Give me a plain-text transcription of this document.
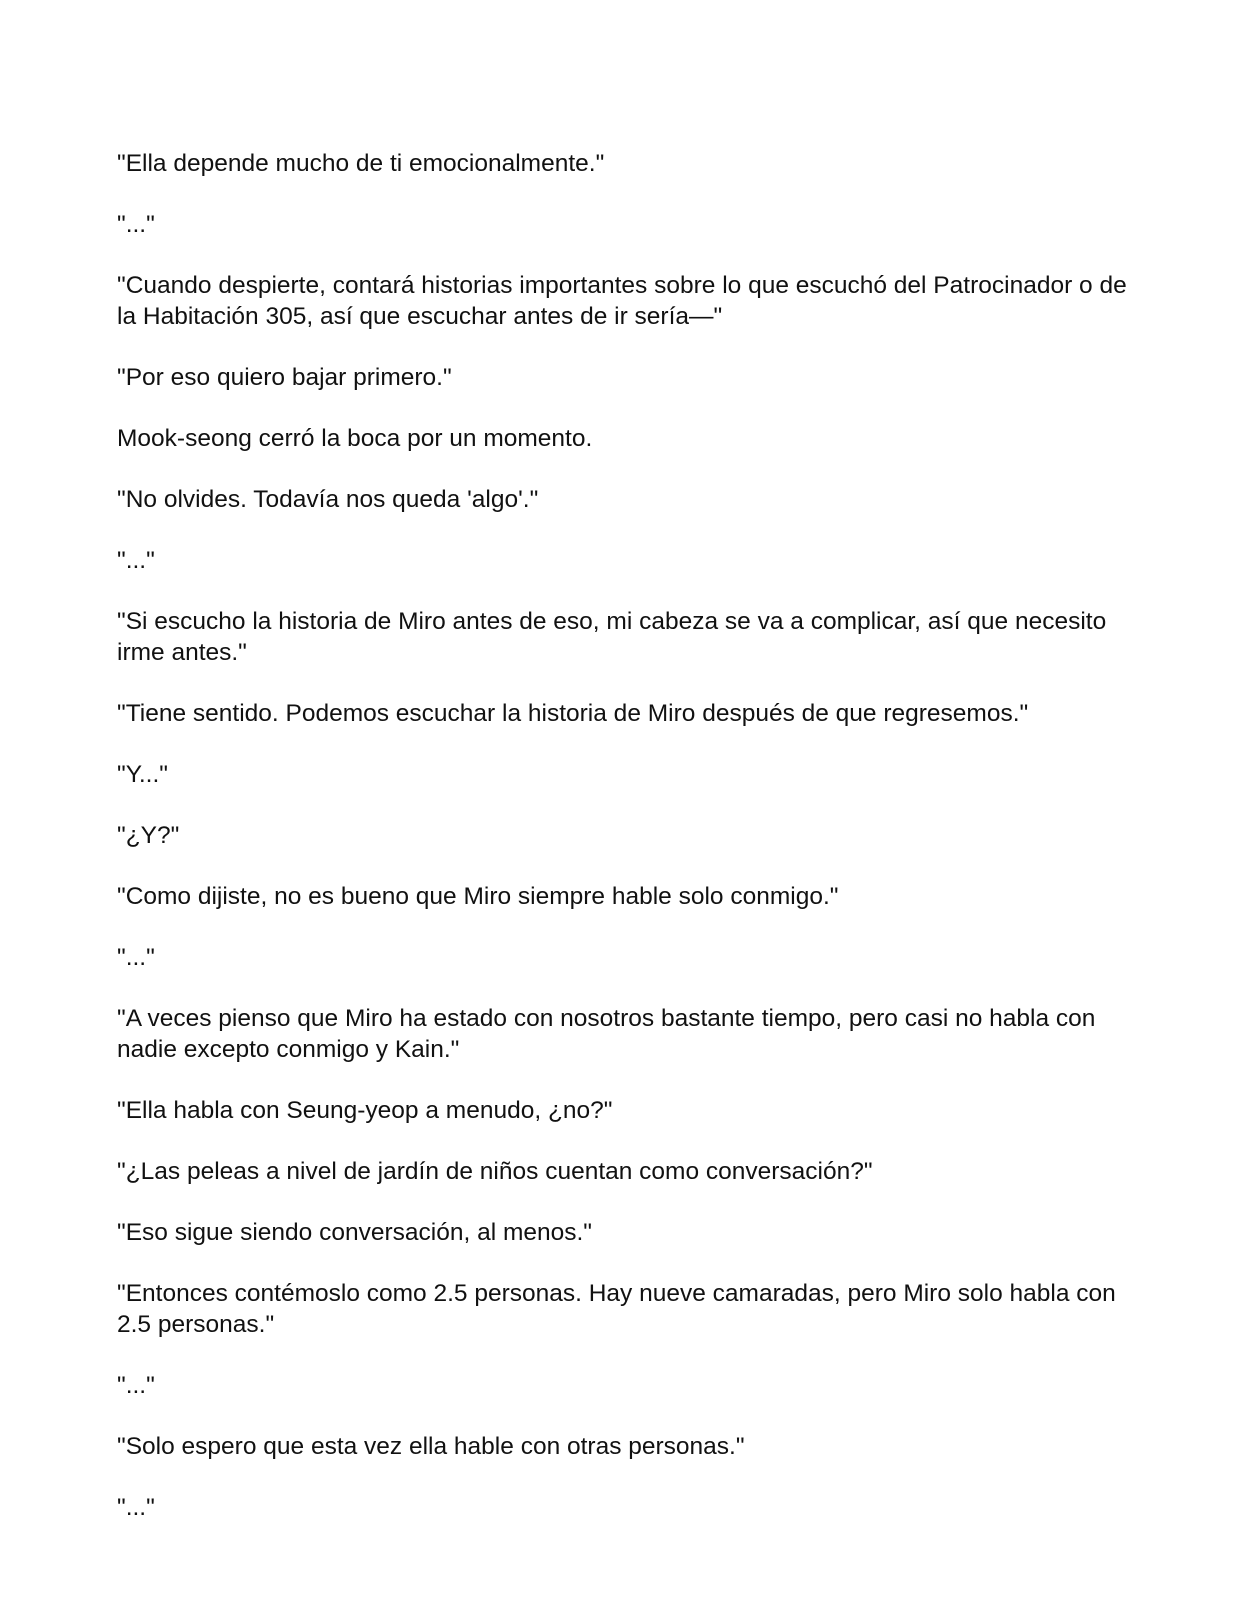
"Ella depende mucho de ti emocionalmente."

"..."

"Cuando despierte, contará historias importantes sobre lo que escuchó del Patrocinador o de la Habitación 305, así que escuchar antes de ir sería—"

"Por eso quiero bajar primero."

Mook-seong cerró la boca por un momento.

"No olvides. Todavía nos queda 'algo'."

"..."

"Si escucho la historia de Miro antes de eso, mi cabeza se va a complicar, así que necesito irme antes."

"Tiene sentido. Podemos escuchar la historia de Miro después de que regresemos."

"Y..."

"¿Y?"

"Como dijiste, no es bueno que Miro siempre hable solo conmigo."

"..."

"A veces pienso que Miro ha estado con nosotros bastante tiempo, pero casi no habla con nadie excepto conmigo y Kain."

"Ella habla con Seung-yeop a menudo, ¿no?"

"¿Las peleas a nivel de jardín de niños cuentan como conversación?"

"Eso sigue siendo conversación, al menos."

"Entonces contémoslo como 2.5 personas. Hay nueve camaradas, pero Miro solo habla con 2.5 personas."

"..."

"Solo espero que esta vez ella hable con otras personas."

"..."
